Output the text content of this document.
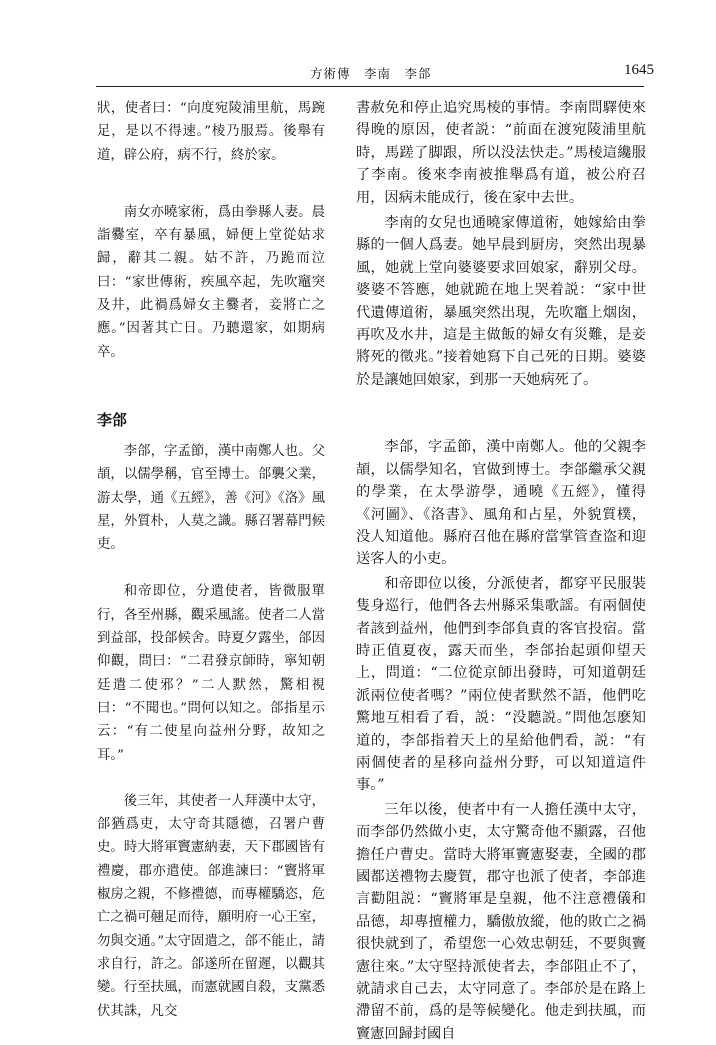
方術傳　李南　李郃	1645

狀，使者曰：“向度宛陵浦里航，馬踠足，是以不得速。”棱乃服焉。後舉有道，辟公府，病不行，終於家。

南女亦曉家術，爲由拳縣人妻。晨詣爨室，卒有暴風，婦便上堂從姑求歸，辭其二親。姑不許，乃跪而泣曰：“家世傳術，疾風卒起，先吹竈突及井，此禍爲婦女主爨者，妾將亡之應。”因著其亡日。乃聽還家，如期病卒。

李郃

李郃，字孟節，漢中南鄭人也。父頡，以儒學稱，官至博士。郃襲父業，游太學，通《五經》，善《河》《洛》風星，外質朴，人莫之識。縣召署幕門候吏。

和帝即位，分遣使者，皆微服單行，各至州縣，觀采風謠。使者二人當到益部，投郃候舍。時夏夕露坐，郃因仰觀，問曰：“二君發京師時，寧知朝廷遣二使邪？”二人默然，驚相視曰：“不聞也。”問何以知之。郃指星示云：“有二使星向益州分野，故知之耳。”

後三年，其使者一人拜漢中太守，郃猶爲吏，太守奇其隱德，召署户曹史。時大將軍竇憲納妻，天下郡國皆有禮慶，郡亦遣使。郃進諫曰：“竇將軍椒房之親，不修禮德，而專權驕恣，危亡之禍可翹足而待，願明府一心王室，勿與交通。”太守固遣之，郃不能止，請求自行，許之。郃遂所在留遲，以觀其變。行至扶風，而憲就國自殺，支黨悉伏其誅，凡交

書赦免和停止追究馬棱的事情。李南問驛使來得晚的原因，使者説：“前面在渡宛陵浦里航時，馬蹉了脚跟，所以没法快走。”馬棱這纔服了李南。後來李南被推舉爲有道，被公府召用，因病未能成行，後在家中去世。

李南的女兒也通曉家傳道術，她嫁給由拳縣的一個人爲妻。她早晨到厨房，突然出現暴風，她就上堂向婆婆要求回娘家，辭别父母。婆婆不答應，她就跪在地上哭着説：“家中世代遺傳道術，暴風突然出現，先吹竈上烟囱，再吹及水井，這是主做飯的婦女有災難，是妾將死的徵兆。”接着她寫下自己死的日期。婆婆於是讓她回娘家，到那一天她病死了。

李郃，字孟節，漢中南鄭人。他的父親李頡，以儒學知名，官做到博士。李郃繼承父親的學業，在太學游學，通曉《五經》，懂得《河圖》、《洛書》、風角和占星，外貌質樸，没人知道他。縣府召他在縣府當掌管查盗和迎送客人的小吏。

和帝即位以後，分派使者，都穿平民服裝隻身巡行，他們各去州縣采集歌謡。有兩個使者該到益州，他們到李郃負責的客官投宿。當時正值夏夜，露天而坐，李郃抬起頭仰望天上，問道：“二位從京師出發時，可知道朝廷派兩位使者嗎？”兩位使者默然不語，他們吃驚地互相看了看，説：“没聽説。”問他怎麽知道的，李郃指着天上的星給他們看，説：“有兩個使者的星移向益州分野，可以知道這件事。”

三年以後，使者中有一人擔任漢中太守，而李郃仍然做小吏，太守驚奇他不顯露，召他擔任户曹史。當時大將軍竇憲娶妻，全國的郡國都送禮物去慶賀，郡守也派了使者，李郃進言勸阻説：“竇將軍是皇親，他不注意禮儀和品德，却專擅權力，驕傲放縱，他的敗亡之禍很快就到了，希望您一心效忠朝廷，不要與竇憲往來。”太守堅持派使者去，李郃阻止不了，就請求自己去，太守同意了。李郃於是在路上滯留不前，爲的是等候變化。他走到扶風，而竇憲回歸封國自
